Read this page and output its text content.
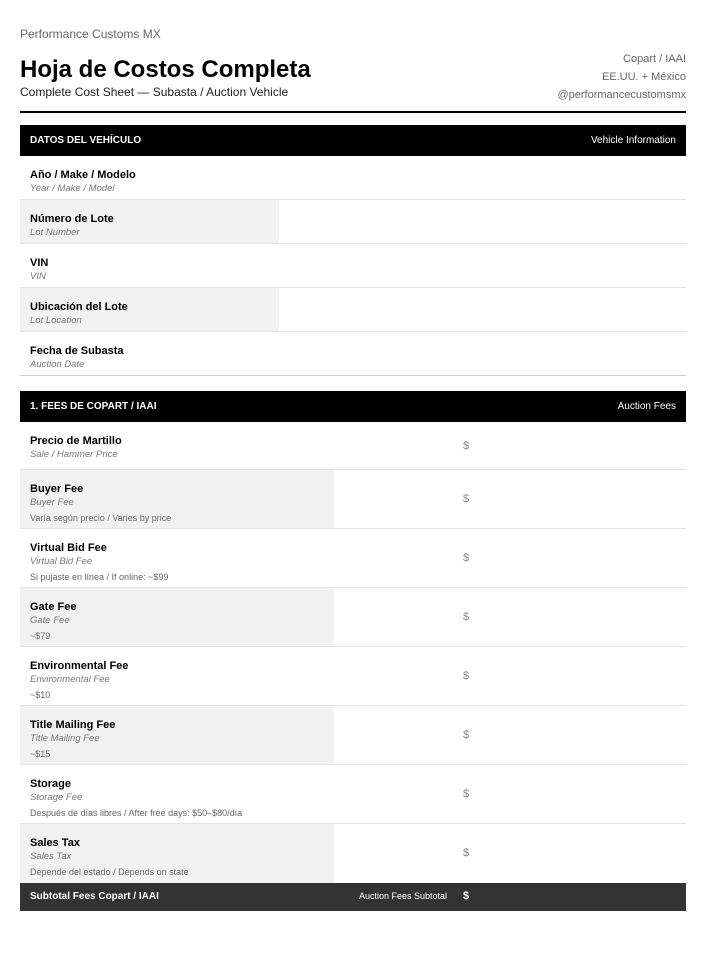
Performance Customs MX
Hoja de Costos Completa
Complete Cost Sheet — Subasta / Auction Vehicle
Copart / IAAI
EE.UU. + México
@performancecustomsmx
DATOS DEL VEHÍCULO	Vehicle Information
Año / Make / Modelo
Year / Make / Model
Número de Lote
Lot Number
VIN
VIN
Ubicación del Lote
Lot Location
Fecha de Subasta
Auction Date
1. FEES DE COPART / IAAI	Auction Fees
Precio de Martillo
Sale / Hammer Price
$
Buyer Fee
Buyer Fee
Varía según precio / Varies by price
$
Virtual Bid Fee
Virtual Bid Fee
Si pujaste en línea / If online: ~$99
$
Gate Fee
Gate Fee
~$79
$
Environmental Fee
Environmental Fee
~$10
$
Title Mailing Fee
Title Mailing Fee
~$15
$
Storage
Storage Fee
Después de días libres / After free days: $50–$80/día
$
Sales Tax
Sales Tax
Depende del estado / Depends on state
$
Subtotal Fees Copart / IAAI	Auction Fees Subtotal $
